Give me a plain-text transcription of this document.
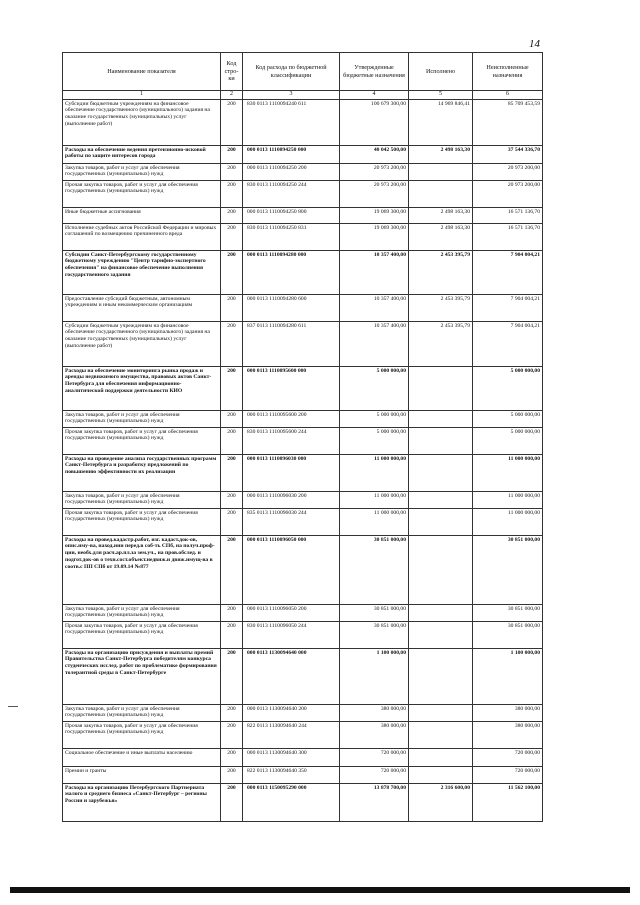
14
Наименование показателя	Код стро-ки	Код расхода по бюджетной классификации	Утвержденные бюджетные назначения	Исполнено	Неисполненные назначения
1	2	3	4	5	6
Субсидии бюджетным учреждениям на финансовое обеспечение государственного (муниципального) задания на оказание государственных (муниципальных) услуг (выполнение работ)	200	830 0113 1110094240 611	100 679 300,00	14 969 846,41	85 709 453,59
Расходы на обеспечение ведения претензионно-исковой работы по защите интересов города	200	000 0113 1110094250 000	40 042 500,00	2 498 163,30	37 544 336,70
Закупка товаров, работ и услуг для обеспечения государственных (муниципальных) нужд	200	000 0113 1110094250 200	20 973 200,00		20 973 200,00
Прочая закупка товаров, работ и услуг для обеспечения государственных (муниципальных) нужд	200	830 0113 1110094250 244	20 973 200,00		20 973 200,00
Иные бюджетные ассигнования	200	000 0113 1110094250 800	19 069 300,00	2 498 163,30	16 571 136,70
Исполнение судебных актов Российской Федерации и мировых соглашений по возмещению причиненного вреда	200	830 0113 1110094250 831	19 069 300,00	2 498 163,30	16 571 136,70
Субсидии Санкт-Петербургскому государственному бюджетному учреждению "Центр тарифно-экспертного обеспечения" на финансовое обеспечение выполнения государственного задания	200	000 0113 1110094280 000	10 357 400,00	2 453 395,79	7 904 004,21
Предоставление субсидий бюджетным, автономным учреждениям и иным некоммерческим организациям	200	000 0113 1110094280 600	10 357 400,00	2 453 395,79	7 904 004,21
Субсидии бюджетным учреждениям на финансовое обеспечение государственного (муниципального) задания на оказание государственных (муниципальных) услуг (выполнение работ)	200	837 0113 1110094280 611	10 357 400,00	2 453 395,79	7 904 004,21
Расходы на обеспечение мониторинга рынка продаж и аренды недвижимого имущества, правовых актов Санкт-Петербурга для обеспечения информационно-аналитической поддержки деятельности КИО	200	000 0113 1110095600 000	5 000 000,00		5 000 000,00
Закупка товаров, работ и услуг для обеспечения государственных (муниципальных) нужд	200	000 0113 1110095600 200	5 000 000,00		5 000 000,00
Прочая закупка товаров, работ и услуг для обеспечения государственных (муниципальных) нужд	200	830 0113 1110095600 244	5 000 000,00		5 000 000,00
Расходы на проведение анализа государственных программ Санкт-Петербурга и разработку предложений по повышению эффективности их реализации	200	000 0113 1110096030 000	11 000 000,00		11 000 000,00
Закупка товаров, работ и услуг для обеспечения государственных (муниципальных) нужд	200	000 0113 1110096030 200	11 000 000,00		11 000 000,00
Прочая закупка товаров, работ и услуг для обеспечения государственных (муниципальных) нужд	200	835 0113 1110096030 244	11 000 000,00		11 000 000,00
Расходы на провед.кадастр.работ, изг. кадаст.док-ов, опис.иму-ва, наход.нии перед.в соб-ть СПб, на получ.проф-ции, необх.для расч.ар.пл.за зем.уч., на пров.обслед. и подгот.док-ов о техн.сост.объект.недвиж.и движ.имущ-ва в соотв.с ПП СПб от 19.09.14 №877	200	000 0113 1110096050 000	30 851 000,00		30 851 000,00
Закупка товаров, работ и услуг для обеспечения государственных (муниципальных) нужд	200	000 0113 1110096050 200	30 851 000,00		30 851 000,00
Прочая закупка товаров, работ и услуг для обеспечения государственных (муниципальных) нужд	200	830 0113 1110096050 244	30 851 000,00		30 851 000,00
Расходы на организацию присуждения и выплаты премий Правительства Санкт-Петербурга победителям конкурса студенческих исслед. работ по проблематике формирования толерантной среды в Санкт-Петербурге	200	000 0113 1130094640 000	1 100 000,00		1 100 000,00
Закупка товаров, работ и услуг для обеспечения государственных (муниципальных) нужд	200	000 0113 1130094640 200	380 000,00		380 000,00
Прочая закупка товаров, работ и услуг для обеспечения государственных (муниципальных) нужд	200	822 0113 1130094640 244	380 000,00		380 000,00
Социальное обеспечение и иные выплаты населению	200	000 0113 1130094640 300	720 000,00		720 000,00
Премии и гранты	200	822 0113 1130094640 350	720 000,00		720 000,00
Расходы на организацию Петербургского Партнериата малого и среднего бизнеса «Санкт-Петербург – регионы России и зарубежья»	200	000 0113 1150095290 000	13 878 700,00	2 316 600,00	11 562 100,00
